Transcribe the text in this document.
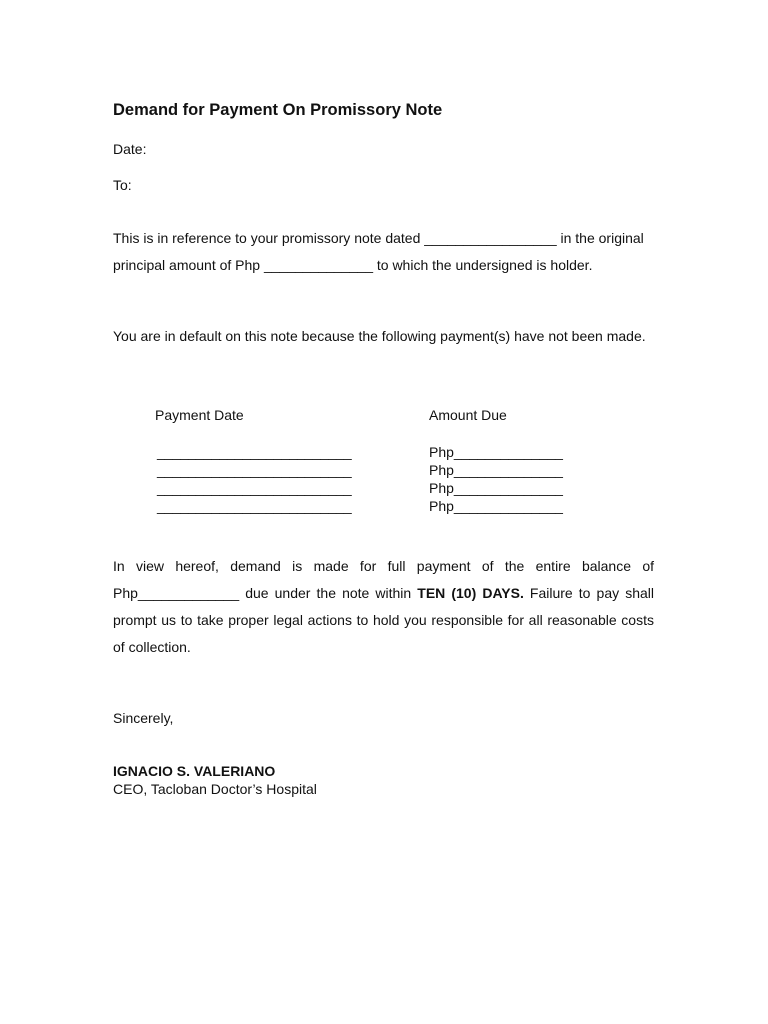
Demand for Payment On Promissory Note
Date:
To:

This is in reference to your promissory note dated _________________ in the original principal amount of Php ______________ to which the undersigned is holder.

You are in default on this note because the following payment(s) have not been made.

Payment Date	Amount Due
_________________________
_________________________
_________________________
_________________________
Php______________
Php______________
Php______________
Php______________

In view hereof, demand is made for full payment of the entire balance of Php_____________ due under the note within TEN (10) DAYS. Failure to pay shall prompt us to take proper legal actions to hold you responsible for all reasonable costs of collection.

Sincerely,
IGNACIO S. VALERIANO
CEO, Tacloban Doctor’s Hospital
